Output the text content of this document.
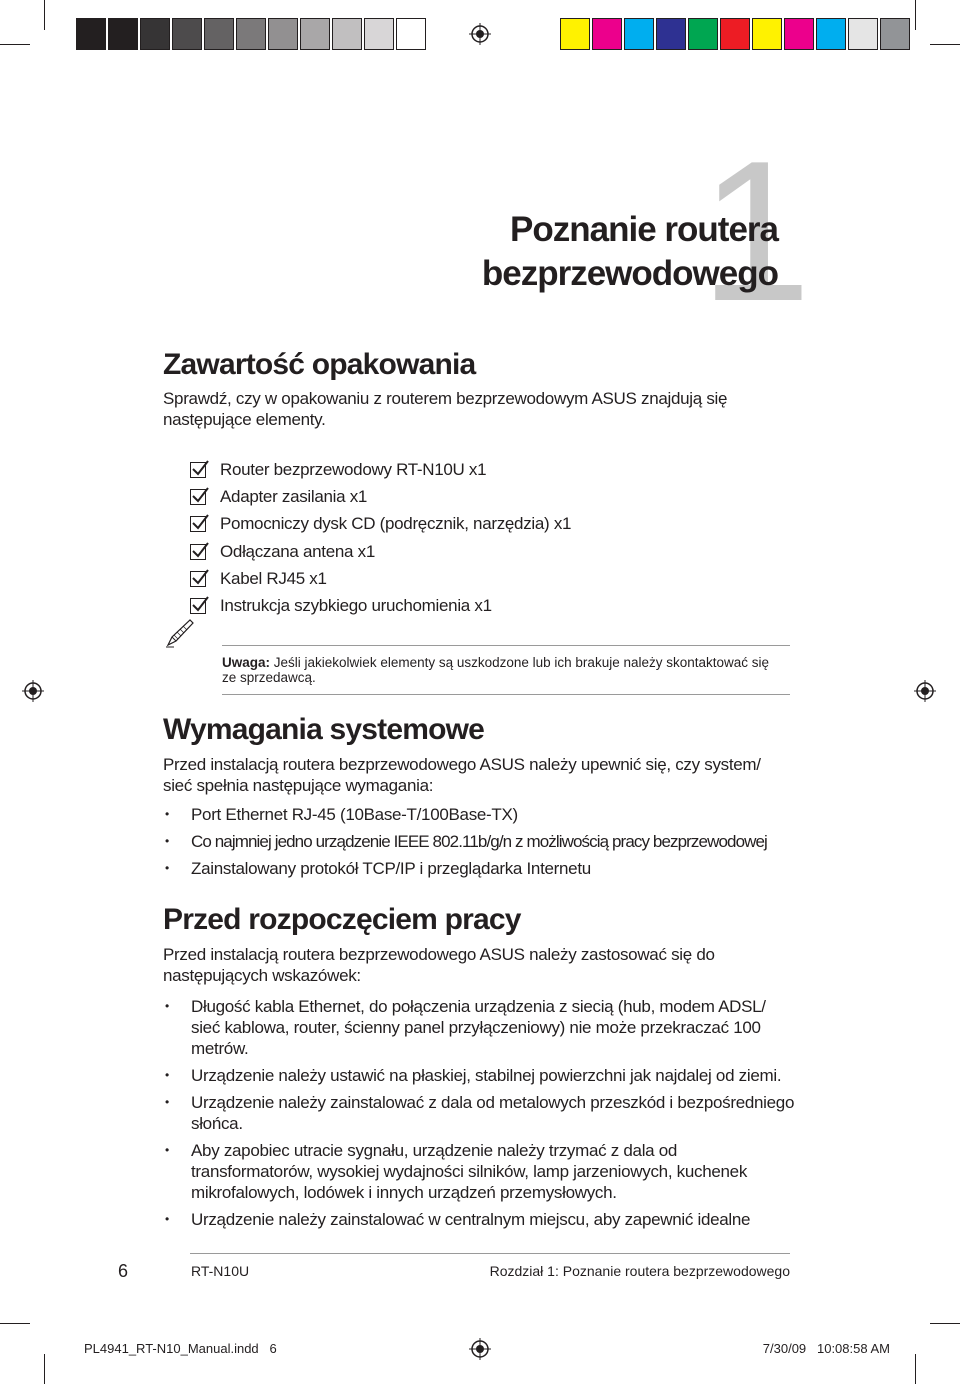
1
Poznanie routera
bezprzewodowego
Zawartość opakowania
Sprawdź, czy w opakowaniu z routerem bezprzewodowym ASUS znajdują się następujące elementy.
Router bezprzewodowy RT-N10U x1
Adapter zasilania x1
Pomocniczy dysk CD (podręcznik, narzędzia) x1
Odłączana antena x1
Kabel RJ45 x1
Instrukcja szybkiego uruchomienia x1
Uwaga: Jeśli jakiekolwiek elementy są uszkodzone lub ich brakuje należy skontaktować się ze sprzedawcą.
Wymagania systemowe
Przed instalacją routera bezprzewodowego ASUS należy upewnić się, czy system/ sieć spełnia następujące wymagania:
• Port Ethernet RJ-45 (10Base-T/100Base-TX)
• Co najmniej jedno urządzenie IEEE 802.11b/g/n z możliwością pracy bezprzewodowej
• Zainstalowany protokół TCP/IP i przeglądarka Internetu
Przed rozpoczęciem pracy
Przed instalacją routera bezprzewodowego ASUS należy zastosować się do następujących wskazówek:
• Długość kabla Ethernet, do połączenia urządzenia z siecią (hub, modem ADSL/ sieć kablowa, router, ścienny panel przyłączeniowy) nie może przekraczać 100 metrów.
• Urządzenie należy ustawić na płaskiej, stabilnej powierzchni jak najdalej od ziemi.
• Urządzenie należy zainstalować z dala od metalowych przeszkód i bezpośredniego słońca.
• Aby zapobiec utracie sygnału, urządzenie należy trzymać z dala od transformatorów, wysokiej wydajności silników, lamp jarzeniowych, kuchenek mikrofalowych, lodówek i innych urządzeń przemysłowych.
• Urządzenie należy zainstalować w centralnym miejscu, aby zapewnić idealne
6	RT-N10U	Rozdział 1: Poznanie routera bezprzewodowego
PL4941_RT-N10_Manual.indd   6	7/30/09   10:08:58 AM
